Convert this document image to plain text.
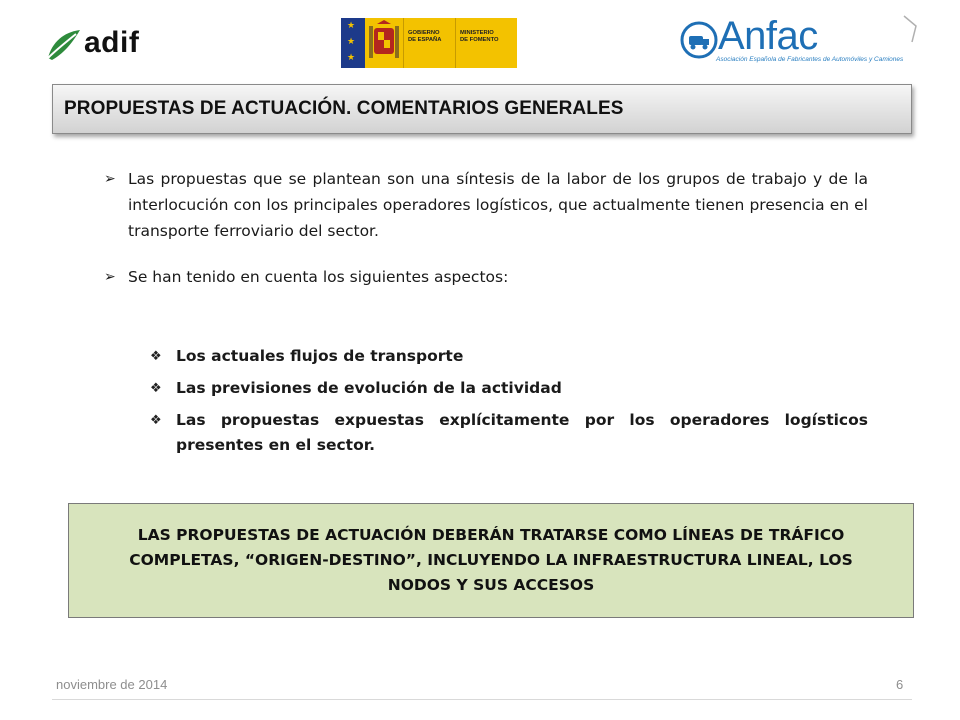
adif	★
★
★
GOBIERNO
DE ESPAÑA
MINISTERIO
DE FOMENTO	Anfac
Asociación Española de Fabricantes de Automóviles y Camiones
PROPUESTAS DE ACTUACIÓN. COMENTARIOS GENERALES
➢ Las propuestas que se plantean son una síntesis de la labor de los grupos de trabajo y de la interlocución con los principales operadores logísticos, que actualmente tienen presencia en el transporte ferroviario del sector.
➢ Se han tenido en cuenta los siguientes aspectos:
❖ Los actuales flujos de transporte
❖ Las previsiones de evolución de la actividad
❖ Las propuestas expuestas explícitamente por los operadores logísticos presentes en el sector.
LAS PROPUESTAS DE ACTUACIÓN DEBERÁN TRATARSE COMO LÍNEAS DE TRÁFICO COMPLETAS, “ORIGEN-DESTINO”, INCLUYENDO LA INFRAESTRUCTURA LINEAL, LOS NODOS Y SUS ACCESOS
noviembre de 2014	6
